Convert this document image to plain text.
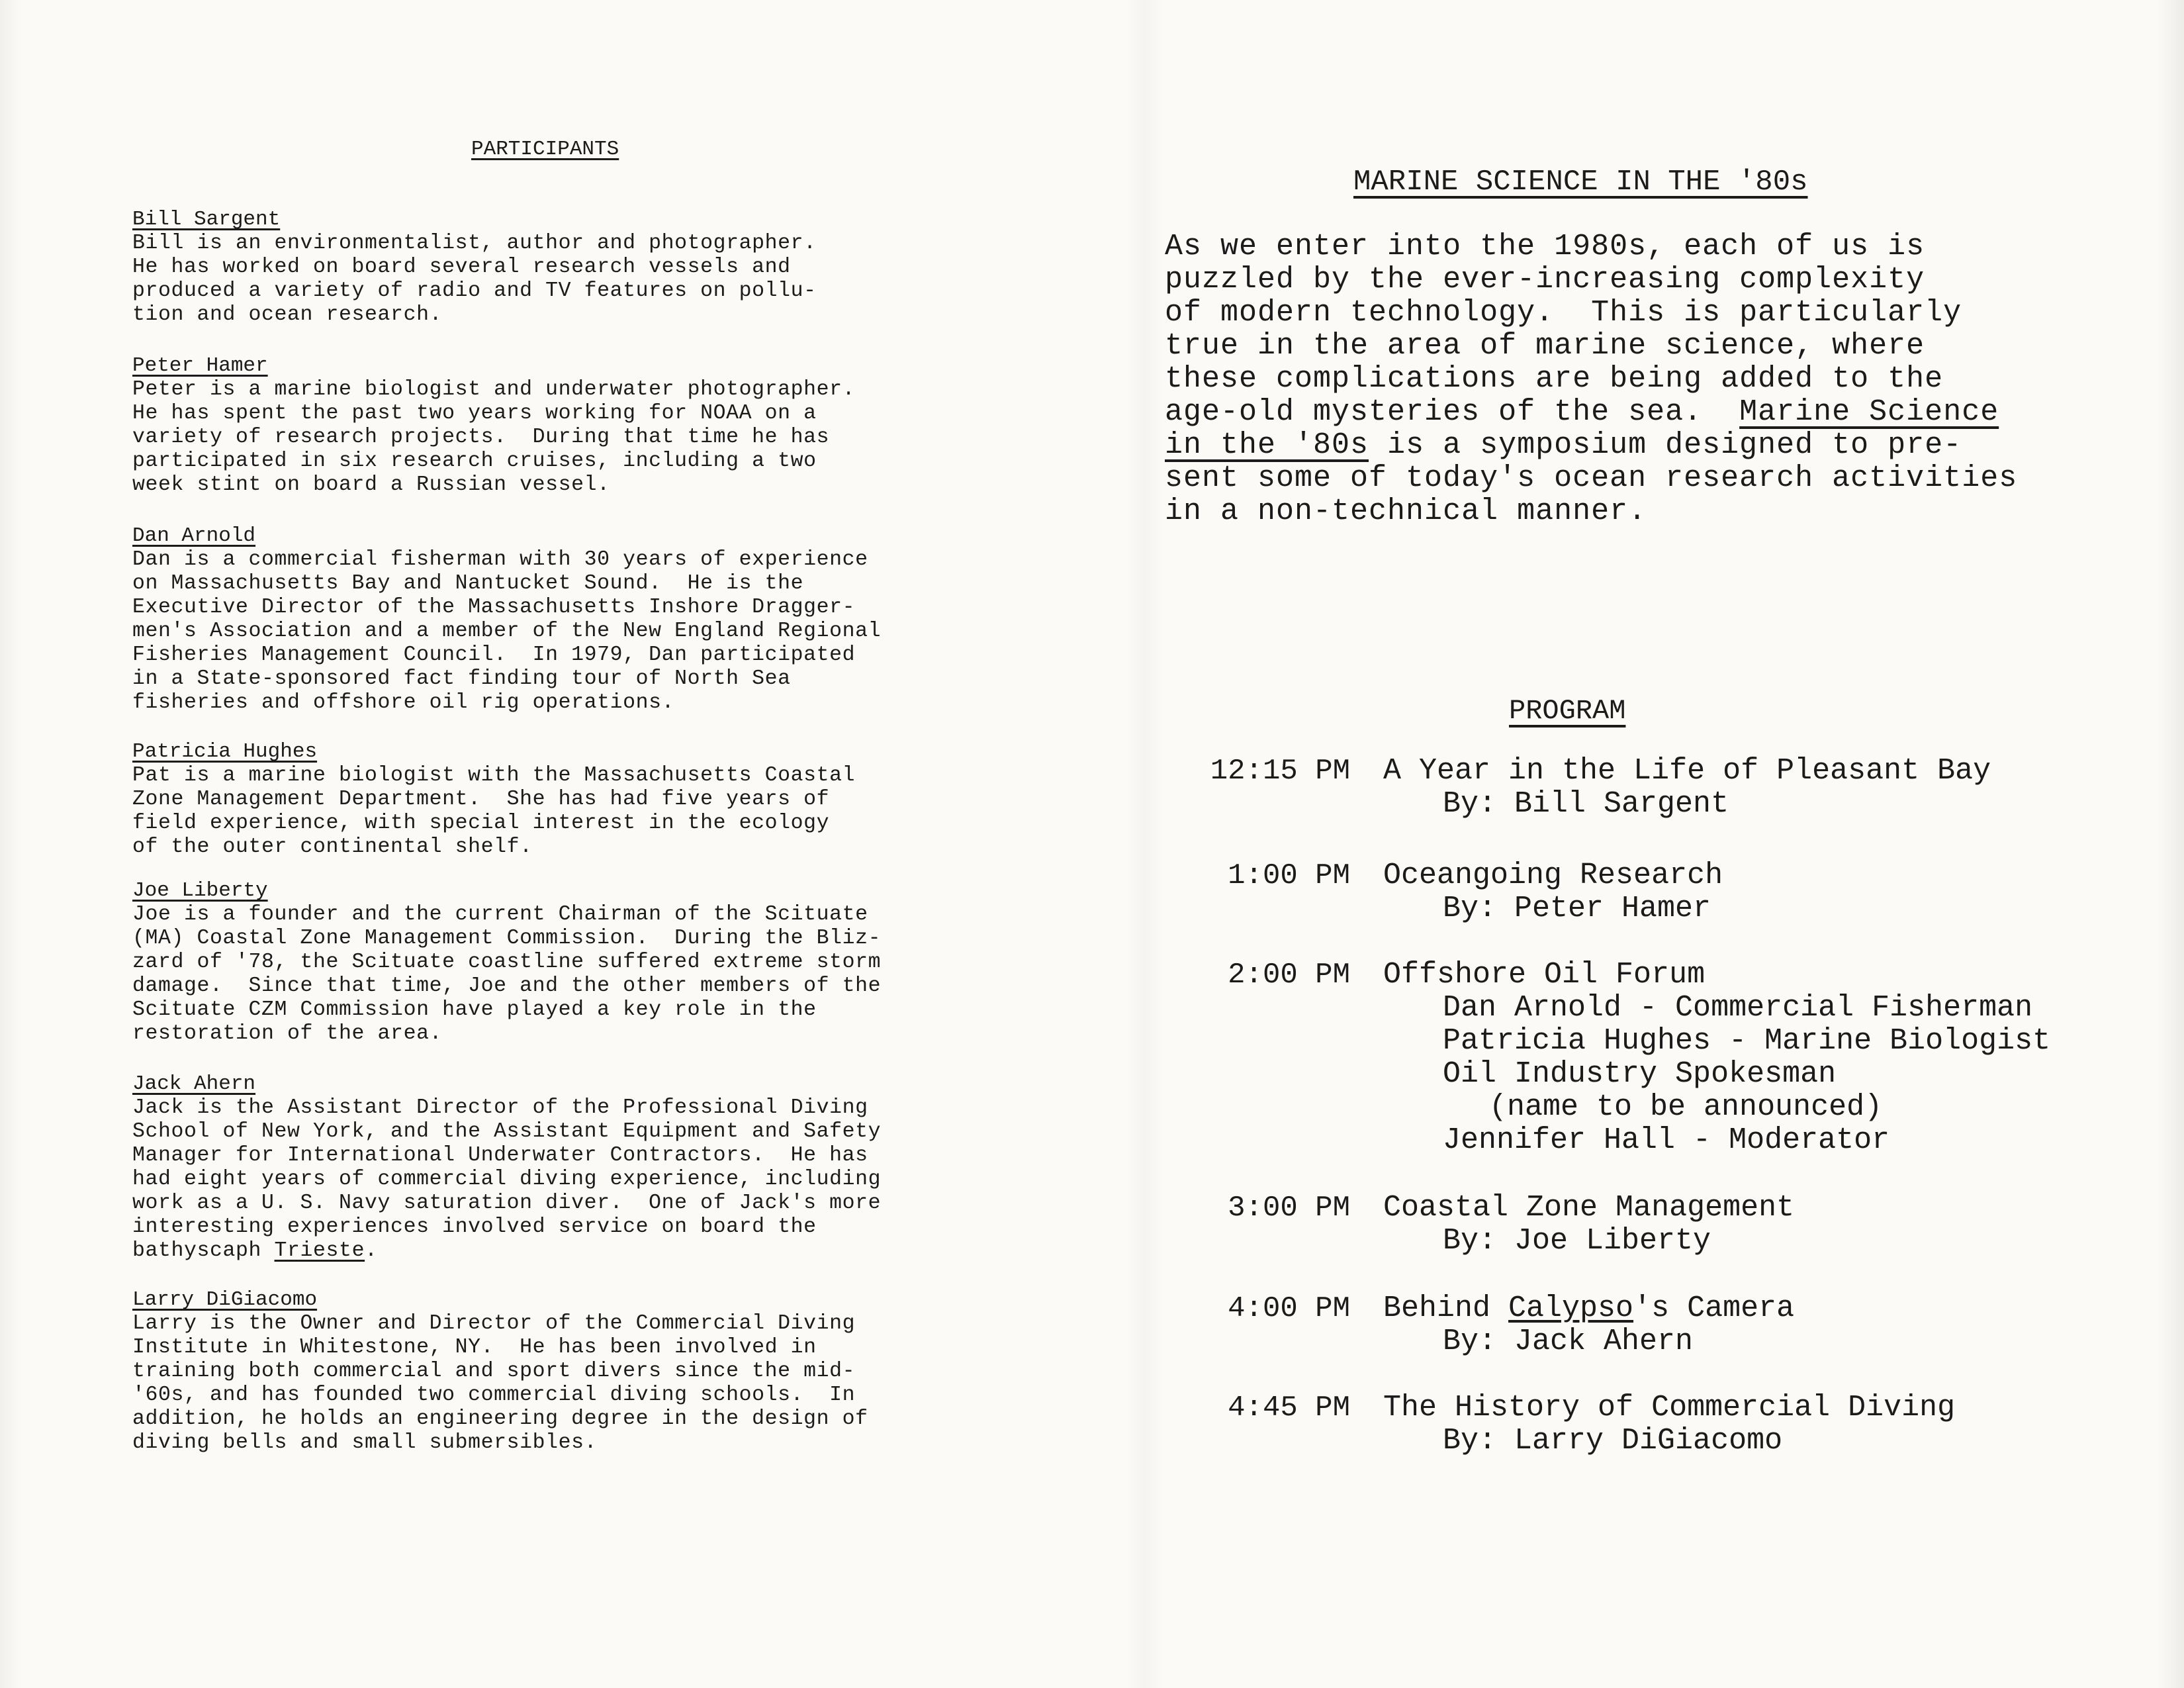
PARTICIPANTS
Bill Sargent
Bill is an environmentalist, author and photographer.
He has worked on board several research vessels and
produced a variety of radio and TV features on pollu-
tion and ocean research.
Peter Hamer
Peter is a marine biologist and underwater photographer.
He has spent the past two years working for NOAA on a
variety of research projects.  During that time he has
participated in six research cruises, including a two
week stint on board a Russian vessel.
Dan Arnold
Dan is a commercial fisherman with 30 years of experience
on Massachusetts Bay and Nantucket Sound.  He is the
Executive Director of the Massachusetts Inshore Dragger-
men's Association and a member of the New England Regional
Fisheries Management Council.  In 1979, Dan participated
in a State-sponsored fact finding tour of North Sea
fisheries and offshore oil rig operations.
Patricia Hughes
Pat is a marine biologist with the Massachusetts Coastal
Zone Management Department.  She has had five years of
field experience, with special interest in the ecology
of the outer continental shelf.
Joe Liberty
Joe is a founder and the current Chairman of the Scituate
(MA) Coastal Zone Management Commission.  During the Bliz-
zard of '78, the Scituate coastline suffered extreme storm
damage.  Since that time, Joe and the other members of the
Scituate CZM Commission have played a key role in the
restoration of the area.
Jack Ahern
Jack is the Assistant Director of the Professional Diving
School of New York, and the Assistant Equipment and Safety
Manager for International Underwater Contractors.  He has
had eight years of commercial diving experience, including
work as a U. S. Navy saturation diver.  One of Jack's more
interesting experiences involved service on board the
bathyscaph Trieste.
Larry DiGiacomo
Larry is the Owner and Director of the Commercial Diving
Institute in Whitestone, NY.  He has been involved in
training both commercial and sport divers since the mid-
'60s, and has founded two commercial diving schools.  In
addition, he holds an engineering degree in the design of
diving bells and small submersibles.
MARINE SCIENCE IN THE '80s
As we enter into the 1980s, each of us is
puzzled by the ever-increasing complexity
of modern technology.  This is particularly
true in the area of marine science, where
these complications are being added to the
age-old mysteries of the sea.  Marine Science
in the '80s is a symposium designed to pre-
sent some of today's ocean research activities
in a non-technical manner.
PROGRAM
12:15 PM A Year in the Life of Pleasant Bay
By: Bill Sargent
1:00 PM Oceangoing Research
By: Peter Hamer
2:00 PM Offshore Oil Forum
Dan Arnold - Commercial Fisherman
Patricia Hughes - Marine Biologist
Oil Industry Spokesman
(name to be announced)
Jennifer Hall - Moderator
3:00 PM Coastal Zone Management
By: Joe Liberty
4:00 PM Behind Calypso's Camera
By: Jack Ahern
4:45 PM The History of Commercial Diving
By: Larry DiGiacomo
